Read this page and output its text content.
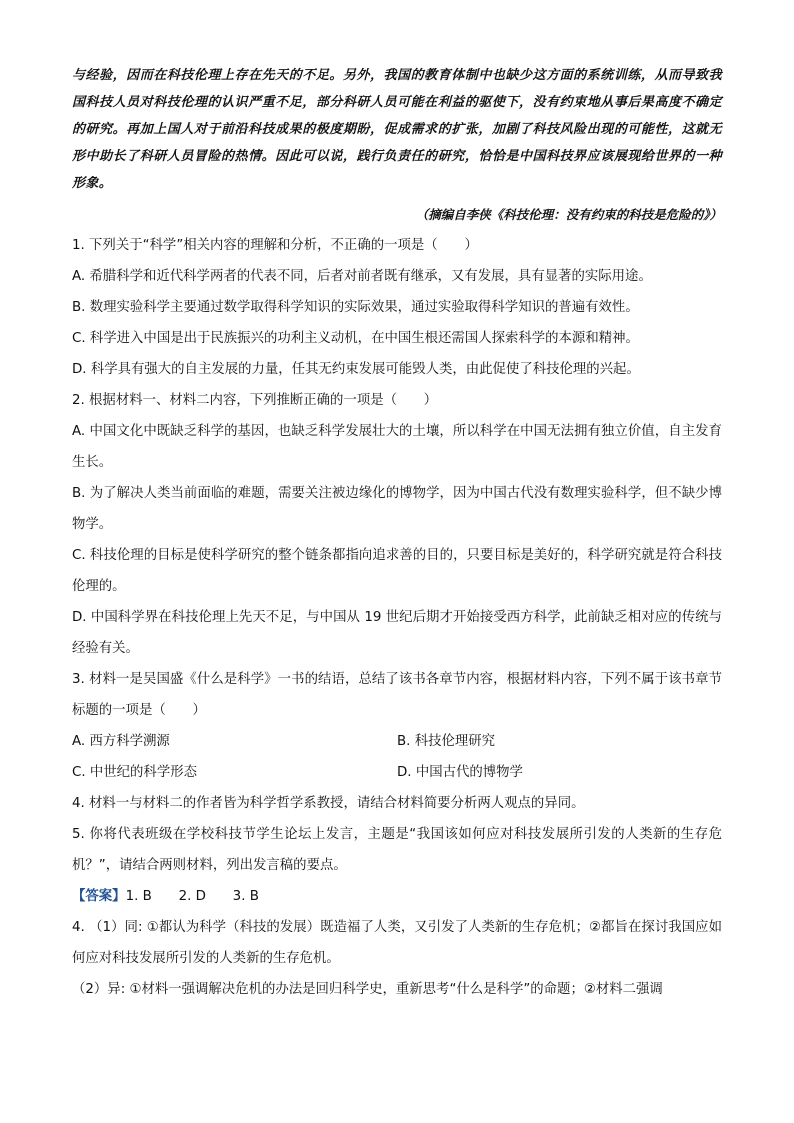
与经验，因而在科技伦理上存在先天的不足。另外，我国的教育体制中也缺少这方面的系统训练，从而导致我国科技人员对科技伦理的认识严重不足，部分科研人员可能在利益的驱使下，没有约束地从事后果高度不确定的研究。再加上国人对于前沿科技成果的极度期盼，促成需求的扩张，加剧了科技风险出现的可能性，这就无形中助长了科研人员冒险的热情。因此可以说，践行负责任的研究，恰恰是中国科技界应该展现给世界的一种形象。

（摘编自李侠《科技伦理：没有约束的科技是危险的》）
1. 下列关于“科学”相关内容的理解和分析，不正确的一项是（　　）
A. 希腊科学和近代科学两者的代表不同，后者对前者既有继承，又有发展，具有显著的实际用途。
B. 数理实验科学主要通过数学取得科学知识的实际效果，通过实验取得科学知识的普遍有效性。
C. 科学进入中国是出于民族振兴的功利主义动机，在中国生根还需国人探索科学的本源和精神。
D. 科学具有强大的自主发展的力量，任其无约束发展可能毁人类，由此促使了科技伦理的兴起。
2. 根据材料一、材料二内容，下列推断正确的一项是（　　）
A. 中国文化中既缺乏科学的基因，也缺乏科学发展壮大的土壤，所以科学在中国无法拥有独立价值，自主发育生长。
B. 为了解决人类当前面临的难题，需要关注被边缘化的博物学，因为中国古代没有数理实验科学，但不缺少博物学。
C. 科技伦理的目标是使科学研究的整个链条都指向追求善的目的，只要目标是美好的，科学研究就是符合科技伦理的。
D. 中国科学界在科技伦理上先天不足，与中国从 19 世纪后期才开始接受西方科学，此前缺乏相对应的传统与经验有关。
3. 材料一是吴国盛《什么是科学》一书的结语，总结了该书各章节内容，根据材料内容，下列不属于该书章节标题的一项是（　　）
A. 西方科学溯源	B. 科技伦理研究
C. 中世纪的科学形态	D. 中国古代的博物学
4. 材料一与材料二的作者皆为科学哲学系教授，请结合材料简要分析两人观点的异同。
5. 你将代表班级在学校科技节学生论坛上发言，主题是“我国该如何应对科技发展所引发的人类新的生存危机？”，请结合两则材料，列出发言稿的要点。
【答案】1. B　　2. D　　3. B
4. （1）同: ①都认为科学（科技的发展）既造福了人类，又引发了人类新的生存危机；②都旨在探讨我国应如何应对科技发展所引发的人类新的生存危机。
（2）异: ①材料一强调解决危机的办法是回归科学史，重新思考“什么是科学”的命题；②材料二强调
